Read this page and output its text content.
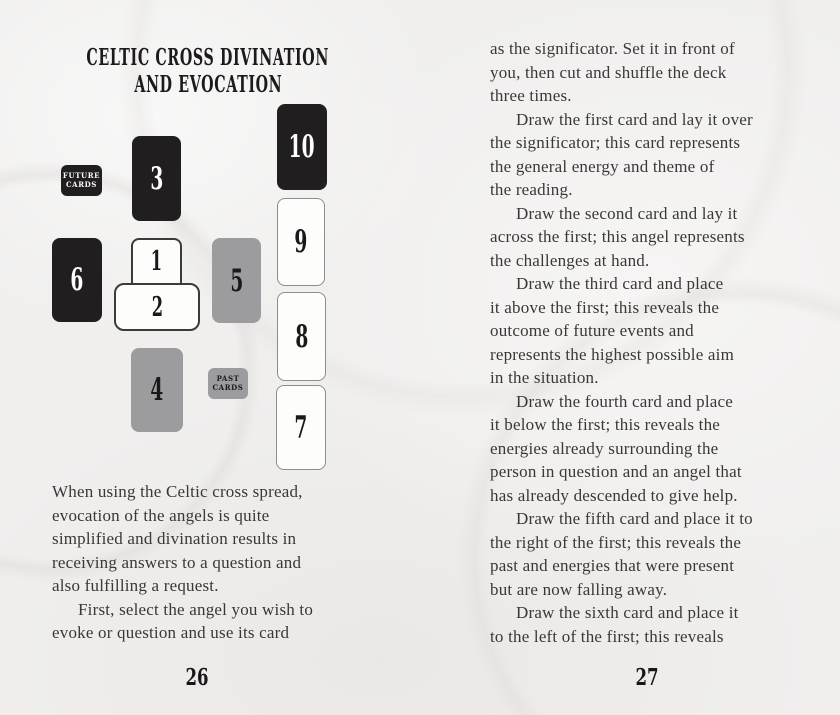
CELTIC CROSS DIVINATION
AND EVOCATION
FUTURE
CARDS 3
10
6
1
2
5
9
8
4	PAST
CARDS
7
When using the Celtic cross spread,
evocation of the angels is quite
simplified and divination results in
receiving answers to a question and
also fulfilling a request.
First, select the angel you wish to
evoke or question and use its card
26
as the significator. Set it in front of
you, then cut and shuffle the deck
three times.
Draw the first card and lay it over
the significator; this card represents
the general energy and theme of
the reading.
Draw the second card and lay it
across the first; this angel represents
the challenges at hand.
Draw the third card and place
it above the first; this reveals the
outcome of future events and
represents the highest possible aim
in the situation.
Draw the fourth card and place
it below the first; this reveals the
energies already surrounding the
person in question and an angel that
has already descended to give help.
Draw the fifth card and place it to
the right of the first; this reveals the
past and energies that were present
but are now falling away.
Draw the sixth card and place it
to the left of the first; this reveals
27
